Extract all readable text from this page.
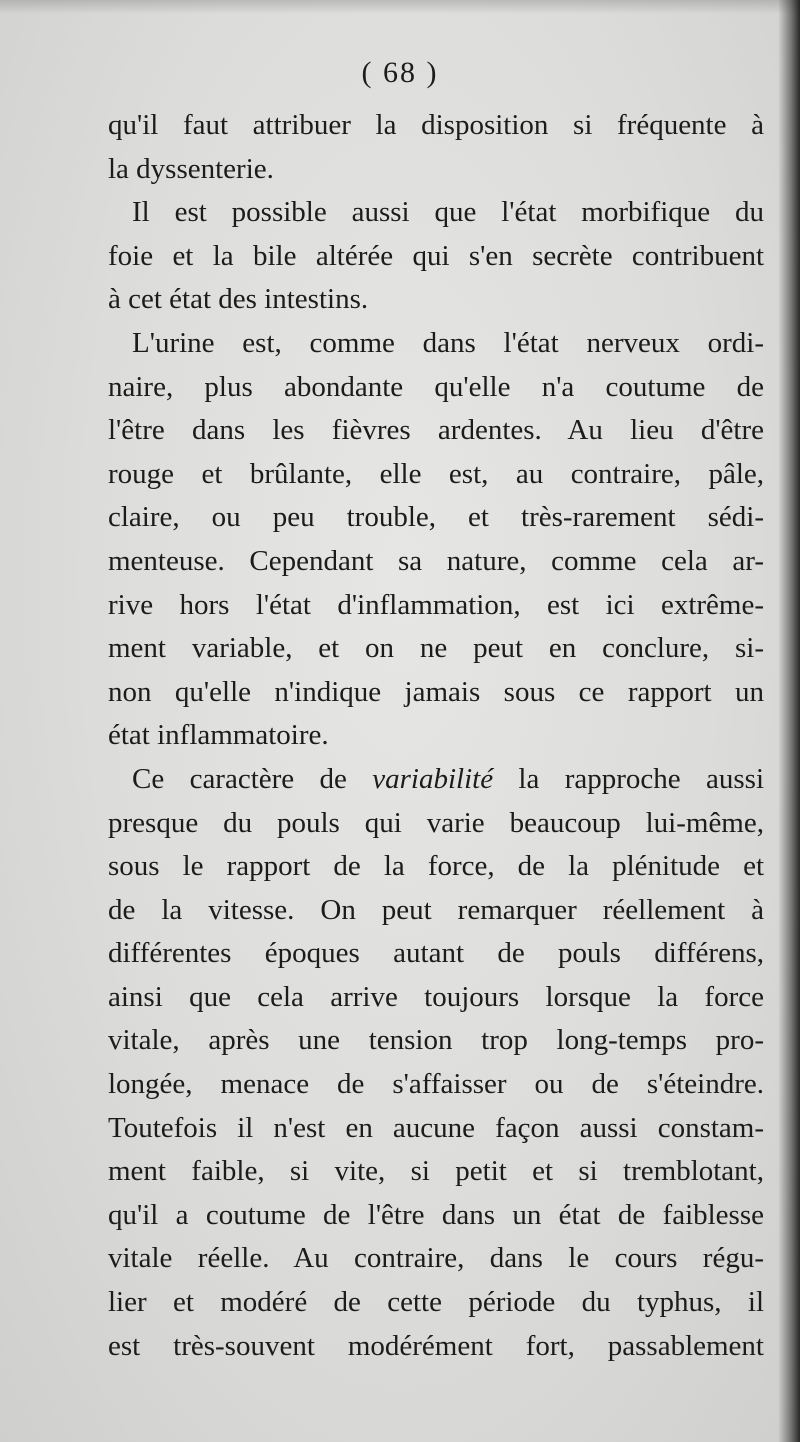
( 68 )
qu'il faut attribuer la disposition si fréquente à
la dyssenterie.
Il est possible aussi que l'état morbifique du
foie et la bile altérée qui s'en secrète contribuent
à cet état des intestins.
L'urine est, comme dans l'état nerveux ordi-
naire, plus abondante qu'elle n'a coutume de
l'être dans les fièvres ardentes. Au lieu d'être
rouge et brûlante, elle est, au contraire, pâle,
claire, ou peu trouble, et très-rarement sédi-
menteuse. Cependant sa nature, comme cela ar-
rive hors l'état d'inflammation, est ici extrême-
ment variable, et on ne peut en conclure, si-
non qu'elle n'indique jamais sous ce rapport un
état inflammatoire.
Ce caractère de variabilité la rapproche aussi
presque du pouls qui varie beaucoup lui-même,
sous le rapport de la force, de la plénitude et
de la vitesse. On peut remarquer réellement à
différentes époques autant de pouls différens,
ainsi que cela arrive toujours lorsque la force
vitale, après une tension trop long-temps pro-
longée, menace de s'affaisser ou de s'éteindre.
Toutefois il n'est en aucune façon aussi constam-
ment faible, si vite, si petit et si tremblotant,
qu'il a coutume de l'être dans un état de faiblesse
vitale réelle. Au contraire, dans le cours régu-
lier et modéré de cette période du typhus, il
est très-souvent modérément fort, passablement
